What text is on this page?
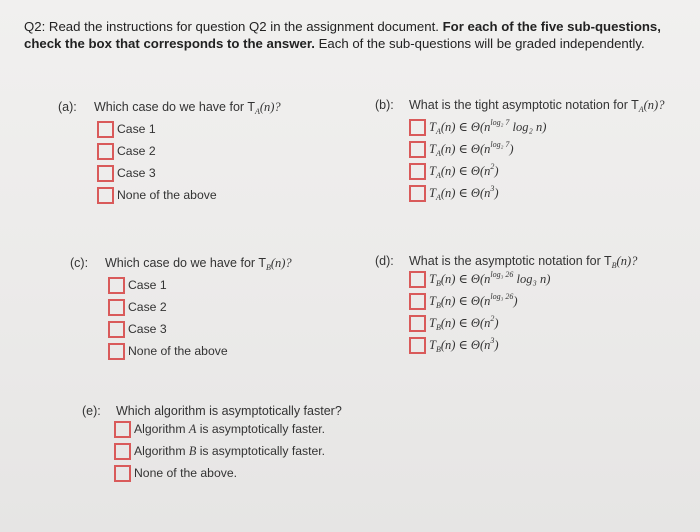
Q2: Read the instructions for question Q2 in the assignment document. For each of the five sub-questions, check the box that corresponds to the answer. Each of the sub-questions will be graded independently.
(a): Which case do we have for $T_A(n)$?
Case 1
Case 2
Case 3
None of the above
(b): What is the tight asymptotic notation for $T_A(n)$?
$T_A(n)$ ∈ $\Theta(n^{log_2 7}$ log₂ n)
$T_A(n)$ ∈ $\Theta(n^{log_2 7})$
$T_A(n)$ ∈ $\Theta(n^2)$
$T_A(n)$ ∈ $\Theta(n^3)$
(c): Which case do we have for $T_B(n)$?
Case 1
Case 2
Case 3
None of the above
(d): What is the asymptotic notation for $T_B(n)$?
$T_B(n)$ ∈ $\Theta(n^{log_3 26}$ log₃ n)
$T_B(n)$ ∈ $\Theta(n^{log_3 26})$
$T_B(n)$ ∈ $\Theta(n^2)$
$T_B(n)$ ∈ $\Theta(n^3)$
(e): Which algorithm is asymptotically faster?
Algorithm A is asymptotically faster.
Algorithm B is asymptotically faster.
None of the above.
